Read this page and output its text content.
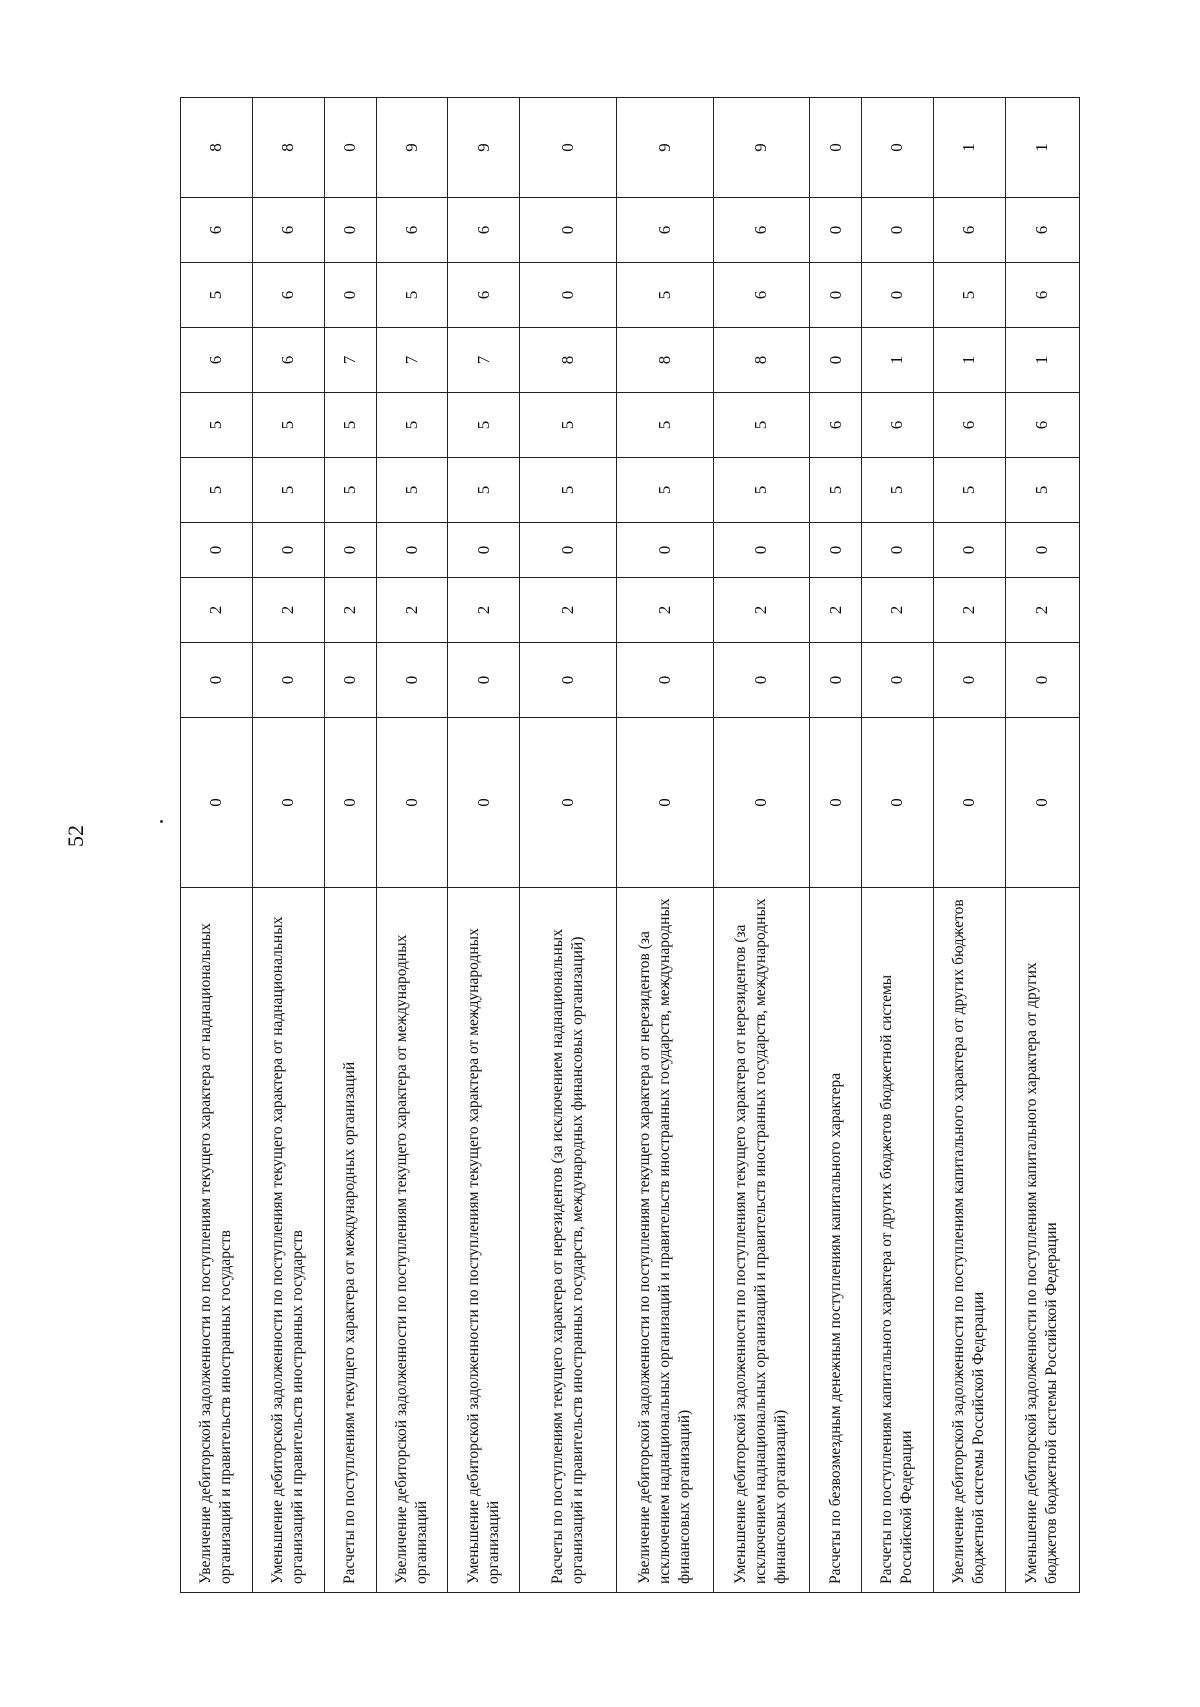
52
Увеличение дебиторской задолженности по поступлениям текущего характера от наднациональных организаций и правительств иностранных государств	0	0	2	0	5	5	6	5	6	8
Уменьшение дебиторской задолженности по поступлениям текущего характера от наднациональных организаций и правительств иностранных государств	0	0	2	0	5	5	6	6	6	8
Расчеты по поступлениям текущего характера от международных организаций	0	0	2	0	5	5	7	0	0	0
Увеличение дебиторской задолженности по поступлениям текущего характера от международных организаций	0	0	2	0	5	5	7	5	6	9
Уменьшение дебиторской задолженности по поступлениям текущего характера от международных организаций	0	0	2	0	5	5	7	6	6	9
Расчеты по поступлениям текущего характера от нерезидентов (за исключением наднациональных организаций и правительств иностранных государств, международных финансовых организаций)	0	0	2	0	5	5	8	0	0	0
Увеличение дебиторской задолженности по поступлениям текущего характера от нерезидентов (за исключением наднациональных организаций и правительств иностранных государств, международных финансовых организаций)	0	0	2	0	5	5	8	5	6	9
Уменьшение дебиторской задолженности по поступлениям текущего характера от нерезидентов (за исключением наднациональных организаций и правительств иностранных государств, международных финансовых организаций)	0	0	2	0	5	5	8	6	6	9
Расчеты по безвозмездным денежным поступлениям капитального характера	0	0	2	0	5	6	0	0	0	0
Расчеты по поступлениям капитального характера от других бюджетов бюджетной системы Российской Федерации	0	0	2	0	5	6	1	0	0	0
Увеличение дебиторской задолженности по поступлениям капитального характера от других бюджетов бюджетной системы Российской Федерации	0	0	2	0	5	6	1	5	6	1
Уменьшение дебиторской задолженности по поступлениям капитального характера от других бюджетов бюджетной системы Российской Федерации	0	0	2	0	5	6	1	6	6	1
